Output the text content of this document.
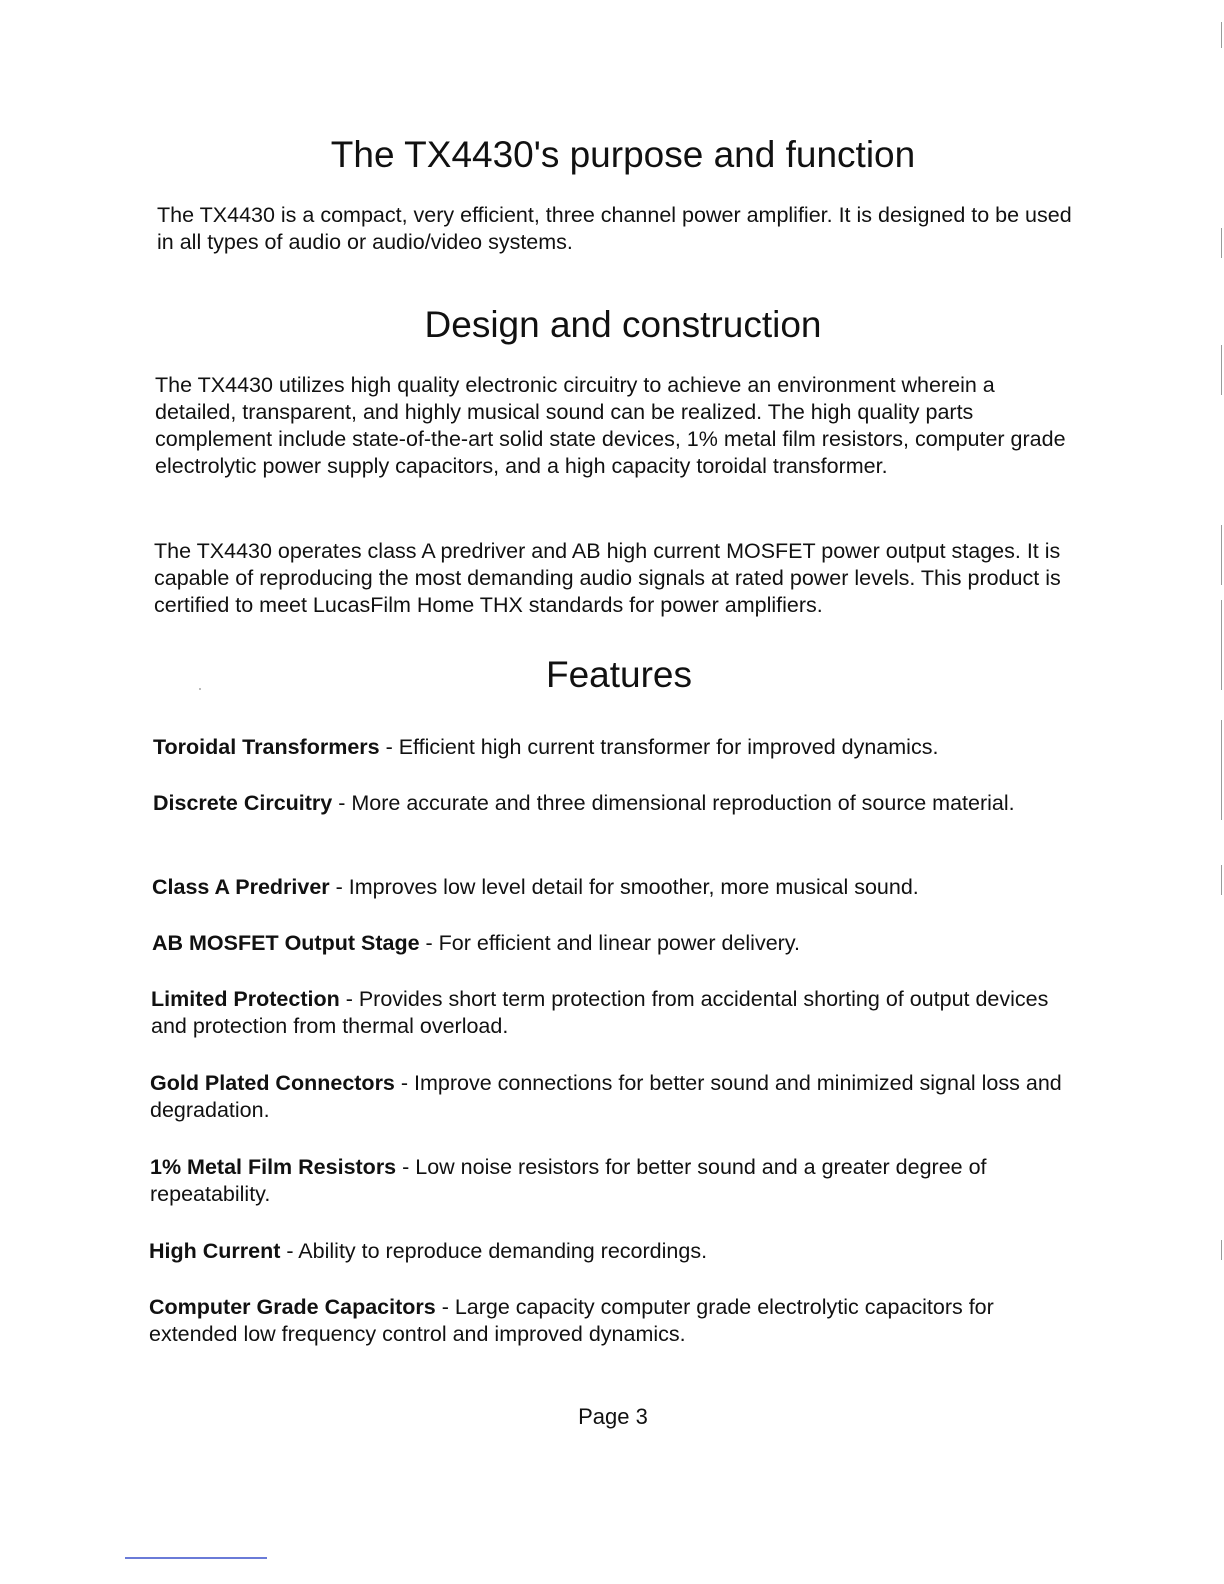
The TX4430's purpose and function

The TX4430 is a compact, very efficient, three channel power amplifier. It is designed to be used in all types of audio or audio/video systems.

Design and construction

The TX4430 utilizes high quality electronic circuitry to achieve an environment wherein a detailed, transparent, and highly musical sound can be realized. The high quality parts complement include state-of-the-art solid state devices, 1% metal film resistors, computer grade electrolytic power supply capacitors, and a high capacity toroidal transformer.

The TX4430 operates class A predriver and AB high current MOSFET power output stages. It is capable of reproducing the most demanding audio signals at rated power levels. This product is certified to meet LucasFilm Home THX standards for power amplifiers.

Features

Toroidal Transformers - Efficient high current transformer for improved dynamics.

Discrete Circuitry - More accurate and three dimensional reproduction of source material.

Class A Predriver - Improves low level detail for smoother, more musical sound.

AB MOSFET Output Stage - For efficient and linear power delivery.

Limited Protection - Provides short term protection from accidental shorting of output devices and protection from thermal overload.

Gold Plated Connectors - Improve connections for better sound and minimized signal loss and degradation.

1% Metal Film Resistors - Low noise resistors for better sound and a greater degree of repeatability.

High Current - Ability to reproduce demanding recordings.

Computer Grade Capacitors - Large capacity computer grade electrolytic capacitors for extended low frequency control and improved dynamics.

Page 3
